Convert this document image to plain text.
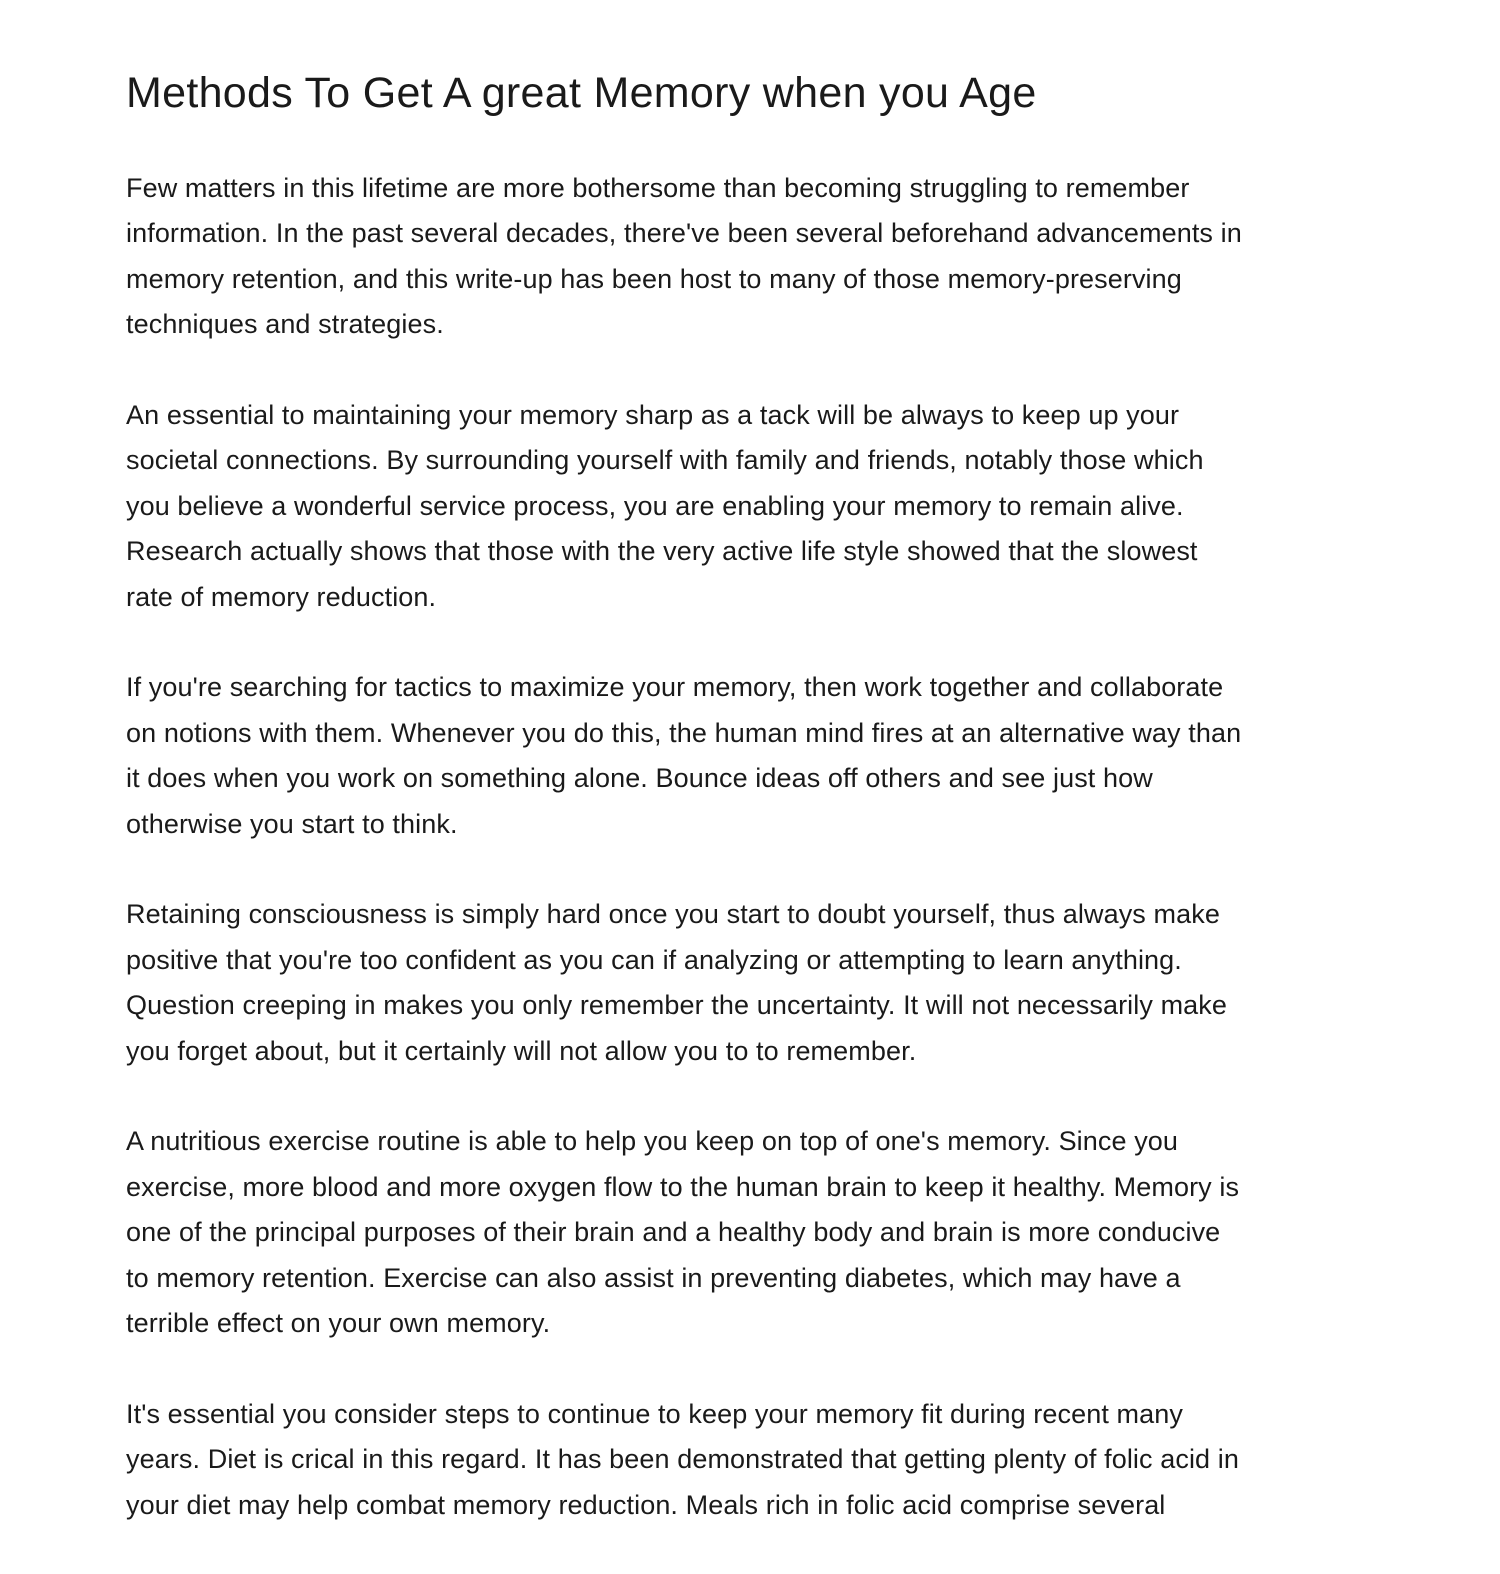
Methods To Get A great Memory when you Age

Few matters in this lifetime are more bothersome than becoming struggling to remember
information. In the past several decades, there've been several beforehand advancements in
memory retention, and this write-up has been host to many of those memory-preserving
techniques and strategies.

An essential to maintaining your memory sharp as a tack will be always to keep up your
societal connections. By surrounding yourself with family and friends, notably those which
you believe a wonderful service process, you are enabling your memory to remain alive.
Research actually shows that those with the very active life style showed that the slowest
rate of memory reduction.

If you're searching for tactics to maximize your memory, then work together and collaborate
on notions with them. Whenever you do this, the human mind fires at an alternative way than
it does when you work on something alone. Bounce ideas off others and see just how
otherwise you start to think.

Retaining consciousness is simply hard once you start to doubt yourself, thus always make
positive that you're too confident as you can if analyzing or attempting to learn anything.
Question creeping in makes you only remember the uncertainty. It will not necessarily make
you forget about, but it certainly will not allow you to to remember.

A nutritious exercise routine is able to help you keep on top of one's memory. Since you
exercise, more blood and more oxygen flow to the human brain to keep it healthy. Memory is
one of the principal purposes of their brain and a healthy body and brain is more conducive
to memory retention. Exercise can also assist in preventing diabetes, which may have a
terrible effect on your own memory.

It's essential you consider steps to continue to keep your memory fit during recent many
years. Diet is crical in this regard. It has been demonstrated that getting plenty of folic acid in
your diet may help combat memory reduction. Meals rich in folic acid comprise several
